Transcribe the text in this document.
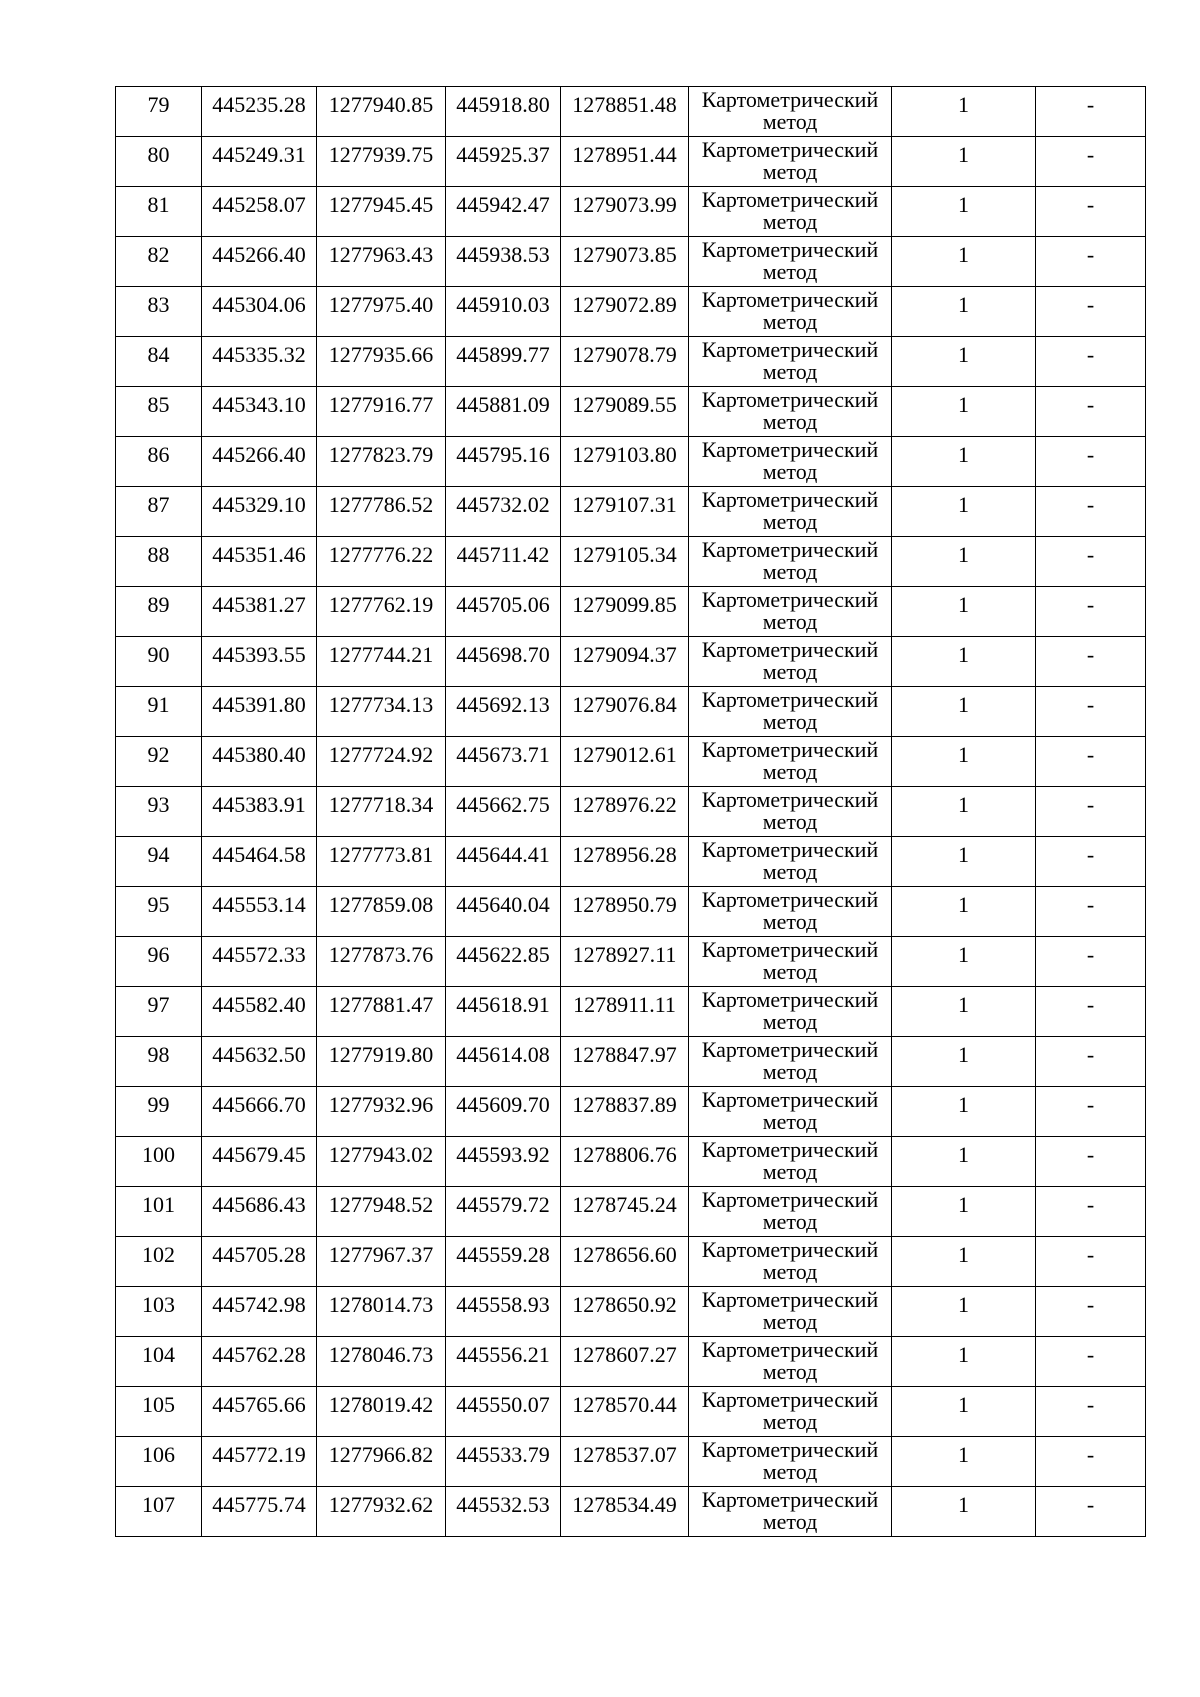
79	445235.28	1277940.85	445918.80	1278851.48	Картометрический
метод	1	-

80	445249.31	1277939.75	445925.37	1278951.44	Картометрический
метод	1	-

81	445258.07	1277945.45	445942.47	1279073.99	Картометрический
метод	1	-

82	445266.40	1277963.43	445938.53	1279073.85	Картометрический
метод	1	-

83	445304.06	1277975.40	445910.03	1279072.89	Картометрический
метод	1	-

84	445335.32	1277935.66	445899.77	1279078.79	Картометрический
метод	1	-

85	445343.10	1277916.77	445881.09	1279089.55	Картометрический
метод	1	-

86	445266.40	1277823.79	445795.16	1279103.80	Картометрический
метод	1	-

87	445329.10	1277786.52	445732.02	1279107.31	Картометрический
метод	1	-

88	445351.46	1277776.22	445711.42	1279105.34	Картометрический
метод	1	-

89	445381.27	1277762.19	445705.06	1279099.85	Картометрический
метод	1	-

90	445393.55	1277744.21	445698.70	1279094.37	Картометрический
метод	1	-

91	445391.80	1277734.13	445692.13	1279076.84	Картометрический
метод	1	-

92	445380.40	1277724.92	445673.71	1279012.61	Картометрический
метод	1	-

93	445383.91	1277718.34	445662.75	1278976.22	Картометрический
метод	1	-

94	445464.58	1277773.81	445644.41	1278956.28	Картометрический
метод	1	-

95	445553.14	1277859.08	445640.04	1278950.79	Картометрический
метод	1	-

96	445572.33	1277873.76	445622.85	1278927.11	Картометрический
метод	1	-

97	445582.40	1277881.47	445618.91	1278911.11	Картометрический
метод	1	-

98	445632.50	1277919.80	445614.08	1278847.97	Картометрический
метод	1	-

99	445666.70	1277932.96	445609.70	1278837.89	Картометрический
метод	1	-

100	445679.45	1277943.02	445593.92	1278806.76	Картометрический
метод	1	-

101	445686.43	1277948.52	445579.72	1278745.24	Картометрический
метод	1	-

102	445705.28	1277967.37	445559.28	1278656.60	Картометрический
метод	1	-

103	445742.98	1278014.73	445558.93	1278650.92	Картометрический
метод	1	-

104	445762.28	1278046.73	445556.21	1278607.27	Картометрический
метод	1	-

105	445765.66	1278019.42	445550.07	1278570.44	Картометрический
метод	1	-

106	445772.19	1277966.82	445533.79	1278537.07	Картометрический
метод	1	-

107	445775.74	1277932.62	445532.53	1278534.49	Картометрический
метод	1	-
